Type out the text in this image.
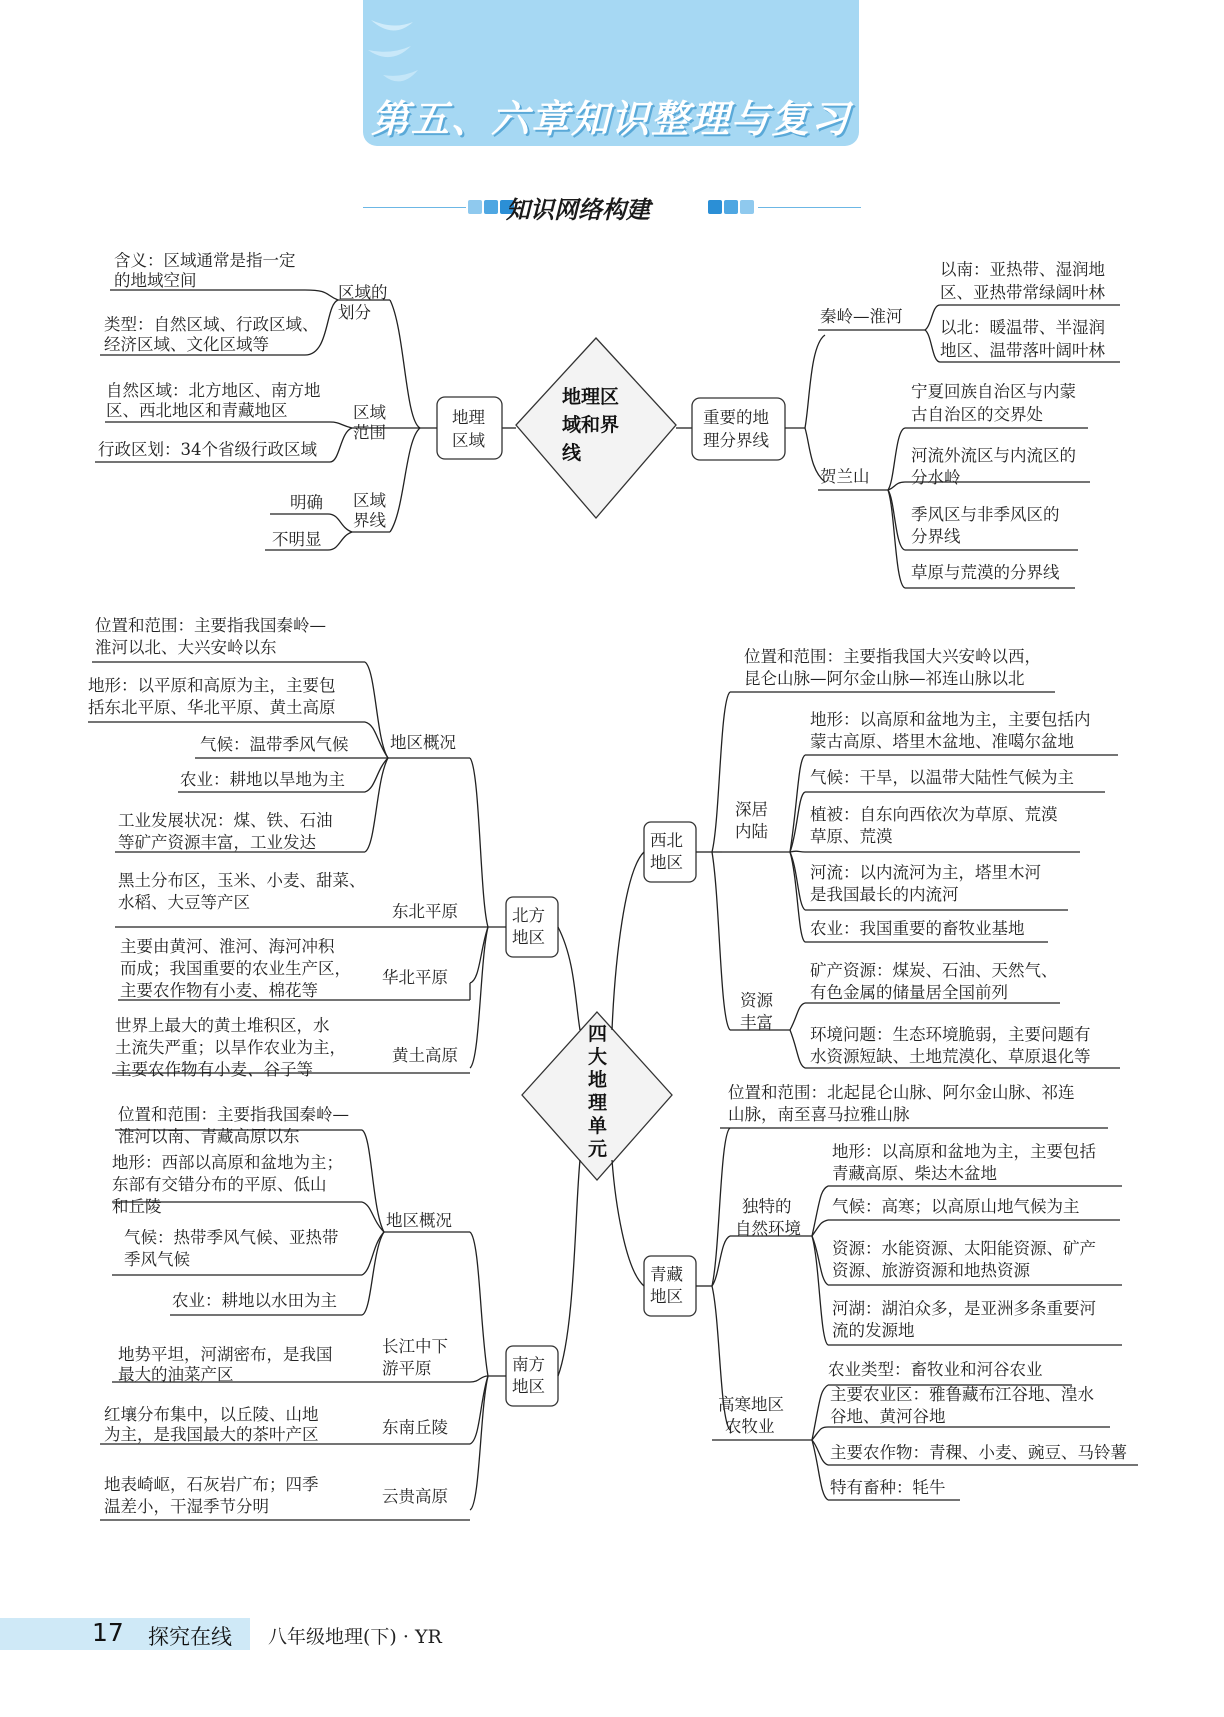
第五、六章知识整理与复习
知识网络构建
地理区
域和界
线
地理
区域
重要的地
理分界线
区域的
划分
含义：区域通常是指一定
的地域空间
类型：自然区域、行政区域、
经济区域、文化区域等
区域
范围
自然区域：北方地区、南方地
区、西北地区和青藏地区
行政区划：34个省级行政区域
区域
界线
明确
不明显
秦岭—淮河
以南：亚热带、湿润地
区、亚热带常绿阔叶林
以北：暖温带、半湿润
地区、温带落叶阔叶林
贺兰山
宁夏回族自治区与内蒙
古自治区的交界处
河流外流区与内流区的
分水岭
季风区与非季风区的
分界线
草原与荒漠的分界线
四
大
地
理
单
元
北方
地区
南方
地区
西北
地区
青藏
地区
地区概况
位置和范围：主要指我国秦岭—
淮河以北、大兴安岭以东
地形：以平原和高原为主，主要包
括东北平原、华北平原、黄土高原
气候：温带季风气候
农业：耕地以旱地为主
工业发展状况：煤、铁、石油
等矿产资源丰富，工业发达
东北平原
黑土分布区，玉米、小麦、甜菜、
水稻、大豆等产区
华北平原
主要由黄河、淮河、海河冲积
而成；我国重要的农业生产区，
主要农作物有小麦、棉花等
黄土高原
世界上最大的黄土堆积区，水
土流失严重；以旱作农业为主，
主要农作物有小麦、谷子等
地区概况
位置和范围：主要指我国秦岭—
淮河以南、青藏高原以东
地形：西部以高原和盆地为主；
东部有交错分布的平原、低山
和丘陵
气候：热带季风气候、亚热带
季风气候
农业：耕地以水田为主
长江中下
游平原
地势平坦，河湖密布，是我国
最大的油菜产区
东南丘陵
红壤分布集中，以丘陵、山地
为主，是我国最大的茶叶产区
云贵高原
地表崎岖，石灰岩广布；四季
温差小，干湿季节分明
位置和范围：主要指我国大兴安岭以西，
昆仑山脉—阿尔金山脉—祁连山脉以北
深居
内陆
地形：以高原和盆地为主，主要包括内
蒙古高原、塔里木盆地、准噶尔盆地
气候：干旱，以温带大陆性气候为主
植被：自东向西依次为草原、荒漠
草原、荒漠
河流：以内流河为主，塔里木河
是我国最长的内流河
农业：我国重要的畜牧业基地
资源
丰富
矿产资源：煤炭、石油、天然气、
有色金属的储量居全国前列
环境问题：生态环境脆弱，主要问题有
水资源短缺、土地荒漠化、草原退化等
位置和范围：北起昆仑山脉、阿尔金山脉、祁连
山脉，南至喜马拉雅山脉
独特的
自然环境
地形：以高原和盆地为主，主要包括
青藏高原、柴达木盆地
气候：高寒；以高原山地气候为主
资源：水能资源、太阳能资源、矿产
资源、旅游资源和地热资源
河湖：湖泊众多，是亚洲多条重要河
流的发源地
高寒地区
农牧业
农业类型：畜牧业和河谷农业
主要农业区：雅鲁藏布江谷地、湟水
谷地、黄河谷地
主要农作物：青稞、小麦、豌豆、马铃薯
特有畜种：牦牛
17 探究在线 八年级地理(下) · YR
